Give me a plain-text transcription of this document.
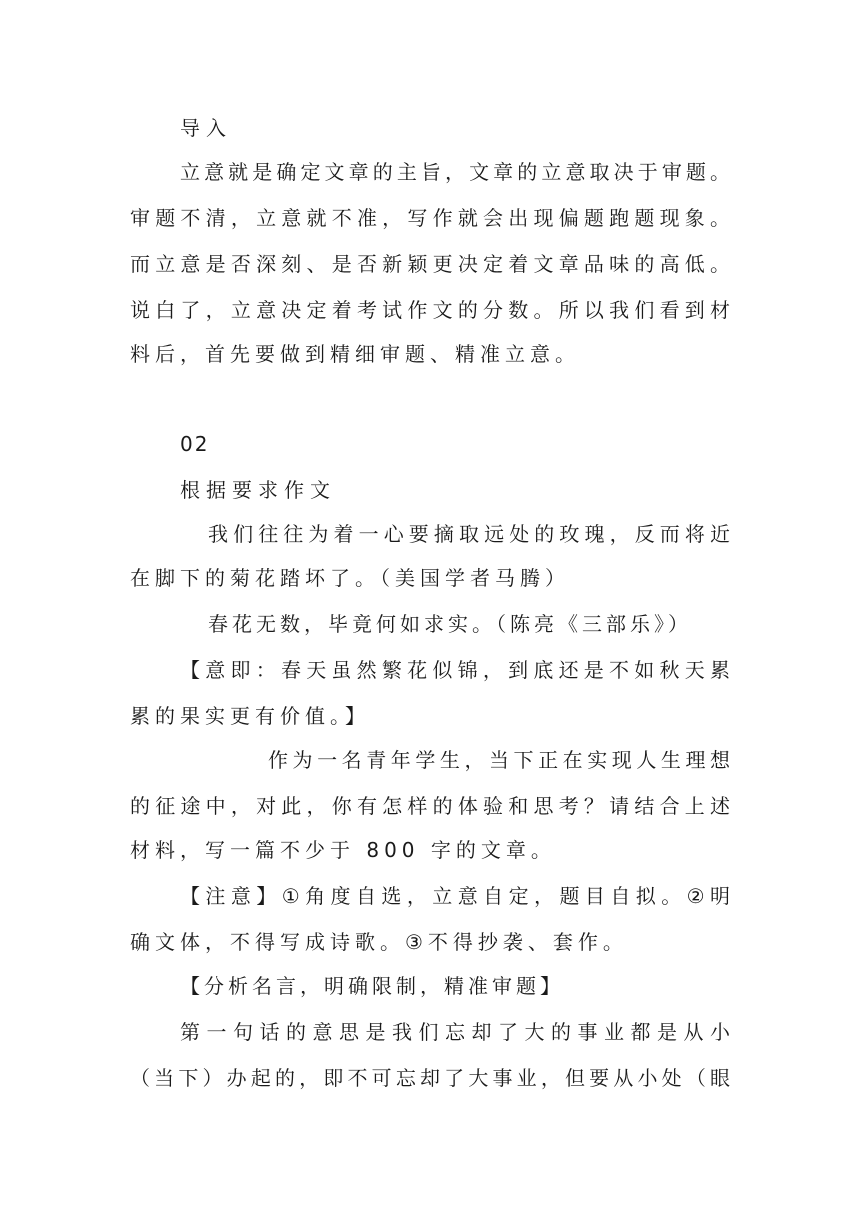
导入
立意就是确定文章的主旨，文章的立意取决于审题。
审题不清，立意就不准，写作就会出现偏题跑题现象。
而立意是否深刻、是否新颖更决定着文章品味的高低。
说白了，立意决定着考试作文的分数。所以我们看到材
料后，首先要做到精细审题、精准立意。
02
根据要求作文
我们往往为着一心要摘取远处的玫瑰，反而将近
在脚下的菊花踏坏了。（美国学者马腾）
春花无数，毕竟何如求实。（陈亮《三部乐》）
【意即：春天虽然繁花似锦，到底还是不如秋天累
累的果实更有价值。】
作为一名青年学生，当下正在实现人生理想
的征途中，对此，你有怎样的体验和思考？请结合上述
材料，写一篇不少于 800 字的文章。
【注意】①角度自选，立意自定，题目自拟。②明
确文体，不得写成诗歌。③不得抄袭、套作。
【分析名言，明确限制，精准审题】
第一句话的意思是我们忘却了大的事业都是从小
（当下）办起的，即不可忘却了大事业，但要从小处（眼
